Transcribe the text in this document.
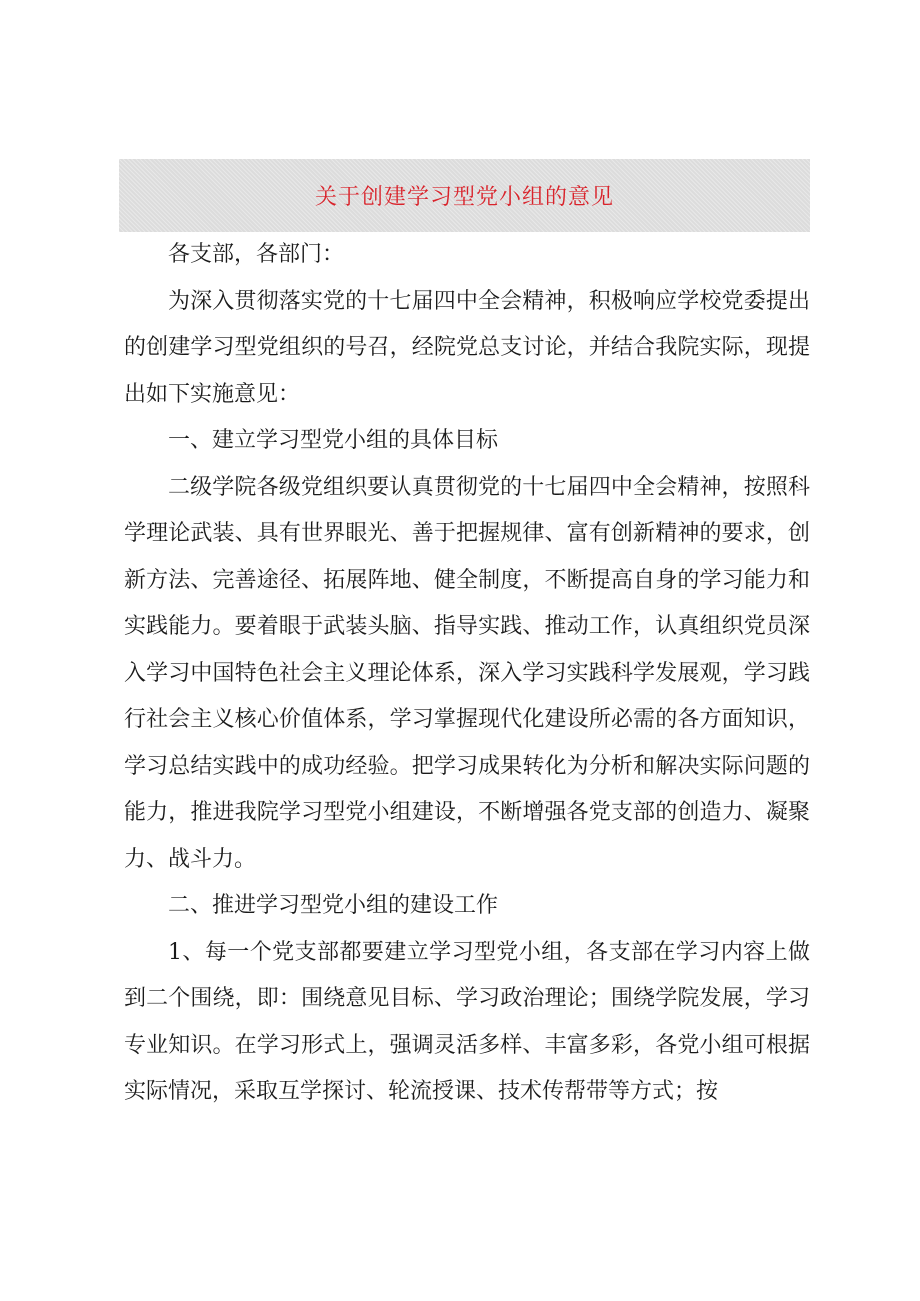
关于创建学习型党小组的意见

各支部，各部门：

为深入贯彻落实党的十七届四中全会精神，积极响应学校党委提出的创建学习型党组织的号召，经院党总支讨论，并结合我院实际，现提出如下实施意见：

一、建立学习型党小组的具体目标

二级学院各级党组织要认真贯彻党的十七届四中全会精神，按照科学理论武装、具有世界眼光、善于把握规律、富有创新精神的要求，创新方法、完善途径、拓展阵地、健全制度，不断提高自身的学习能力和实践能力。要着眼于武装头脑、指导实践、推动工作，认真组织党员深入学习中国特色社会主义理论体系，深入学习实践科学发展观，学习践行社会主义核心价值体系，学习掌握现代化建设所必需的各方面知识，学习总结实践中的成功经验。把学习成果转化为分析和解决实际问题的能力，推进我院学习型党小组建设，不断增强各党支部的创造力、凝聚力、战斗力。

二、推进学习型党小组的建设工作

1、每一个党支部都要建立学习型党小组，各支部在学习内容上做到二个围绕，即：围绕意见目标、学习政治理论；围绕学院发展，学习专业知识。在学习形式上，强调灵活多样、丰富多彩，各党小组可根据实际情况，采取互学探讨、轮流授课、技术传帮带等方式；按
